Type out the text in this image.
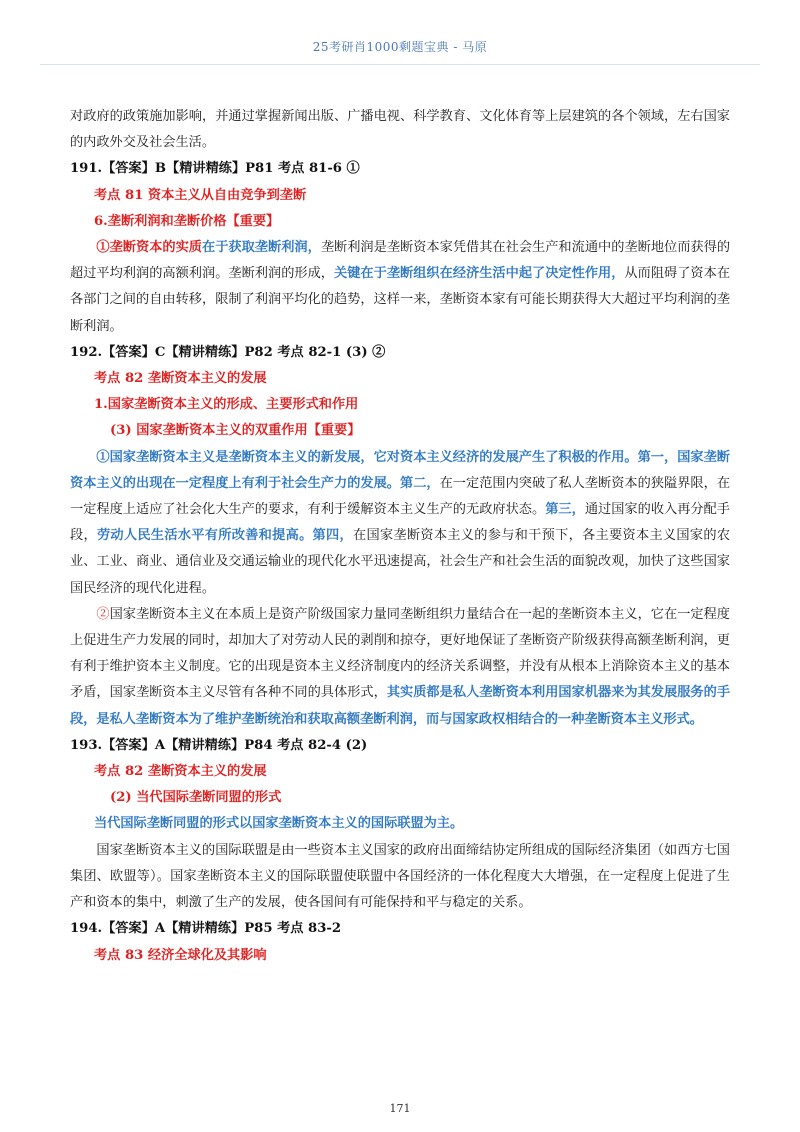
25考研肖1000剩题宝典 - 马原

对政府的政策施加影响，并通过掌握新闻出版、广播电视、科学教育、文化体育等上层建筑的各个领域，左右国家的内政外交及社会生活。

191.【答案】B【精讲精练】P81 考点 81-6 ①

考点 81 资本主义从自由竞争到垄断

6.垄断利润和垄断价格【重要】

①垄断资本的实质在于获取垄断利润，垄断利润是垄断资本家凭借其在社会生产和流通中的垄断地位而获得的超过平均利润的高额利润。垄断利润的形成，关键在于垄断组织在经济生活中起了决定性作用，从而阻碍了资本在各部门之间的自由转移，限制了利润平均化的趋势，这样一来，垄断资本家有可能长期获得大大超过平均利润的垄断利润。

192.【答案】C【精讲精练】P82 考点 82-1 (3) ②

考点 82 垄断资本主义的发展

1.国家垄断资本主义的形成、主要形式和作用

(3) 国家垄断资本主义的双重作用【重要】

①国家垄断资本主义是垄断资本主义的新发展，它对资本主义经济的发展产生了积极的作用。第一，国家垄断资本主义的出现在一定程度上有利于社会生产力的发展。第二，在一定范围内突破了私人垄断资本的狭隘界限，在一定程度上适应了社会化大生产的要求，有利于缓解资本主义生产的无政府状态。第三，通过国家的收入再分配手段，劳动人民生活水平有所改善和提高。第四，在国家垄断资本主义的参与和干预下，各主要资本主义国家的农业、工业、商业、通信业及交通运输业的现代化水平迅速提高，社会生产和社会生活的面貌改观，加快了这些国家国民经济的现代化进程。

②国家垄断资本主义在本质上是资产阶级国家力量同垄断组织力量结合在一起的垄断资本主义，它在一定程度上促进生产力发展的同时，却加大了对劳动人民的剥削和掠夺，更好地保证了垄断资产阶级获得高额垄断利润，更有利于维护资本主义制度。它的出现是资本主义经济制度内的经济关系调整，并没有从根本上消除资本主义的基本矛盾，国家垄断资本主义尽管有各种不同的具体形式，其实质都是私人垄断资本利用国家机器来为其发展服务的手段，是私人垄断资本为了维护垄断统治和获取高额垄断利润，而与国家政权相结合的一种垄断资本主义形式。

193.【答案】A【精讲精练】P84 考点 82-4 (2)

考点 82 垄断资本主义的发展

(2) 当代国际垄断同盟的形式

当代国际垄断同盟的形式以国家垄断资本主义的国际联盟为主。

国家垄断资本主义的国际联盟是由一些资本主义国家的政府出面缔结协定所组成的国际经济集团（如西方七国集团、欧盟等）。国家垄断资本主义的国际联盟使联盟中各国经济的一体化程度大大增强，在一定程度上促进了生产和资本的集中，刺激了生产的发展，使各国间有可能保持和平与稳定的关系。

194.【答案】A【精讲精练】P85 考点 83-2

考点 83 经济全球化及其影响

171
